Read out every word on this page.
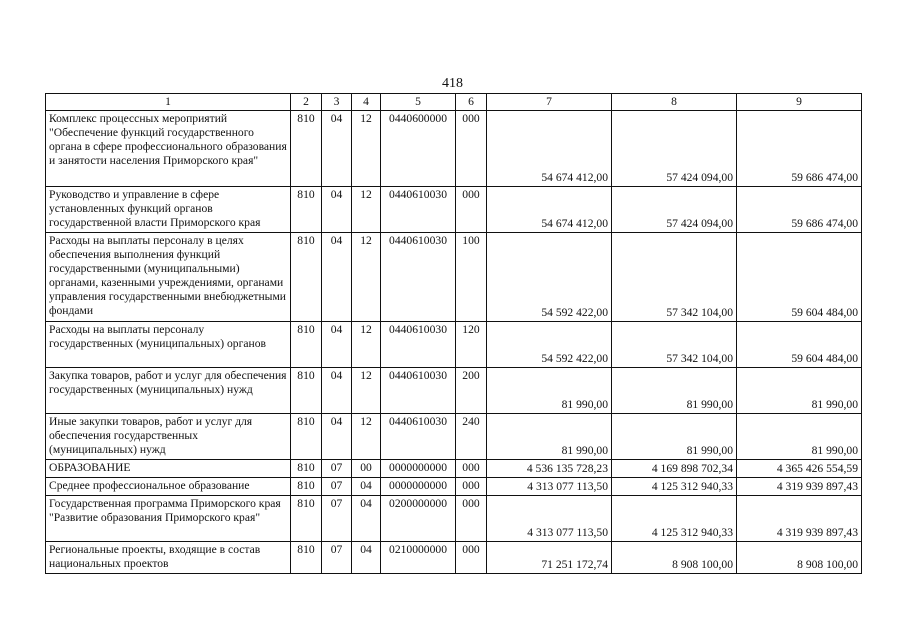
418
1	2	3	4	5	6	7	8	9
Комплекс процессных мероприятий "Обеспечение функций государственного органа в сфере профессионального образования и занятости населения Приморского края"	810	04	12	0440600000	000	54 674 412,00	57 424 094,00	59 686 474,00
Руководство и управление в сфере установленных функций органов государственной власти Приморского края	810	04	12	0440610030	000	54 674 412,00	57 424 094,00	59 686 474,00
Расходы на выплаты персоналу в целях обеспечения выполнения функций государственными (муниципальными) органами, казенными учреждениями, органами управления государственными внебюджетными фондами	810	04	12	0440610030	100	54 592 422,00	57 342 104,00	59 604 484,00
Расходы на выплаты персоналу государственных (муниципальных) органов	810	04	12	0440610030	120	54 592 422,00	57 342 104,00	59 604 484,00
Закупка товаров, работ и услуг для обеспечения государственных (муниципальных) нужд	810	04	12	0440610030	200	81 990,00	81 990,00	81 990,00
Иные закупки товаров, работ и услуг для обеспечения государственных (муниципальных) нужд	810	04	12	0440610030	240	81 990,00	81 990,00	81 990,00
ОБРАЗОВАНИЕ	810	07	00	0000000000	000	4 536 135 728,23	4 169 898 702,34	4 365 426 554,59
Среднее профессиональное образование	810	07	04	0000000000	000	4 313 077 113,50	4 125 312 940,33	4 319 939 897,43
Государственная программа Приморского края "Развитие образования Приморского края"	810	07	04	0200000000	000	4 313 077 113,50	4 125 312 940,33	4 319 939 897,43
Региональные проекты, входящие в состав национальных проектов	810	07	04	0210000000	000	71 251 172,74	8 908 100,00	8 908 100,00
